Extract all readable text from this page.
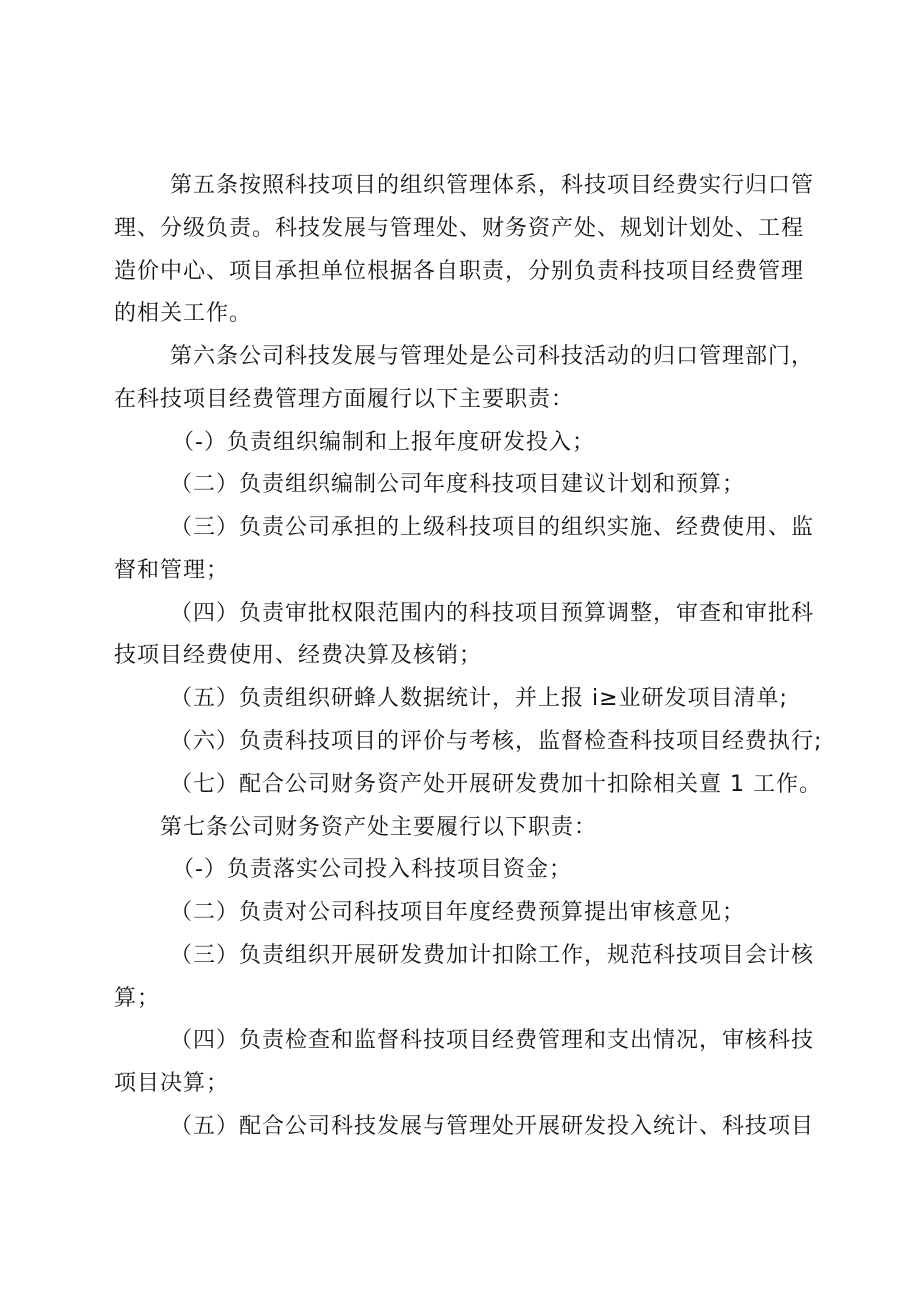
第五条按照科技项目的组织管理体系，科技项目经费实行归口管
理、分级负责。科技发展与管理处、财务资产处、规划计划处、工程
造价中心、项目承担单位根据各自职责，分别负责科技项目经费管理
的相关工作。
第六条公司科技发展与管理处是公司科技活动的归口管理部门，
在科技项目经费管理方面履行以下主要职责：
（-）负责组织编制和上报年度研发投入；
（二）负责组织编制公司年度科技项目建议计划和预算；
（三）负责公司承担的上级科技项目的组织实施、经费使用、监
督和管理；
（四）负责审批权限范围内的科技项目预算调整，审查和审批科
技项目经费使用、经费决算及核销；
（五）负责组织研蜂人数据统计，并上报 i≥业研发项目清单;
（六）负责科技项目的评价与考核，监督检查科技项目经费执行;
（七）配合公司财务资产处开展研发费加十扣除相关亶 1 工作。
第七条公司财务资产处主要履行以下职责：
（-）负责落实公司投入科技项目资金；
（二）负责对公司科技项目年度经费预算提出审核意见；
（三）负责组织开展研发费加计扣除工作，规范科技项目会计核
算；
（四）负责检查和监督科技项目经费管理和支出情况，审核科技
项目决算；
（五）配合公司科技发展与管理处开展研发投入统计、科技项目
